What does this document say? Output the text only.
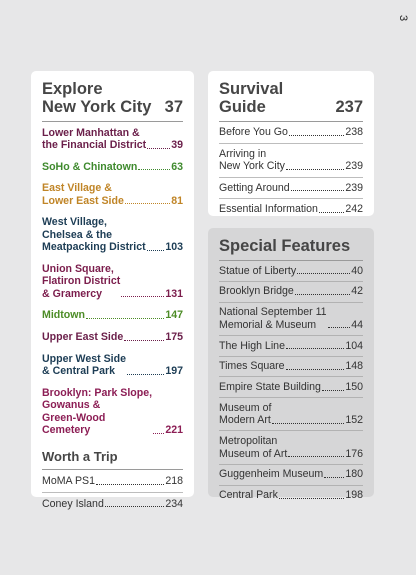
3
Explore
New York City 37
Lower Manhattan &
the Financial District 39
SoHo & Chinatown	63
East Village &
Lower East Side	81
West Village,
Chelsea & the
Meatpacking District 103
Union Square,
Flatiron District
& Gramercy	131
Midtown	147
Upper East Side	175
Upper West Side
& Central Park	197
Brooklyn: Park Slope,
Gowanus &
Green-Wood
Cemetery	221
Worth a Trip
MoMA PS1	218
Coney Island	234
Survival
Guide	237
Before You Go	238
Arriving in
New York City	239
Getting Around	239
Essential Information	242
Special Features
Statue of Liberty	40
Brooklyn Bridge	42
National September 11
Memorial & Museum	44
The High Line	104
Times Square	148
Empire State Building 150
Museum of
Modern Art	152
Metropolitan
Museum of Art	176
Guggenheim Museum 180
Central Park	198
